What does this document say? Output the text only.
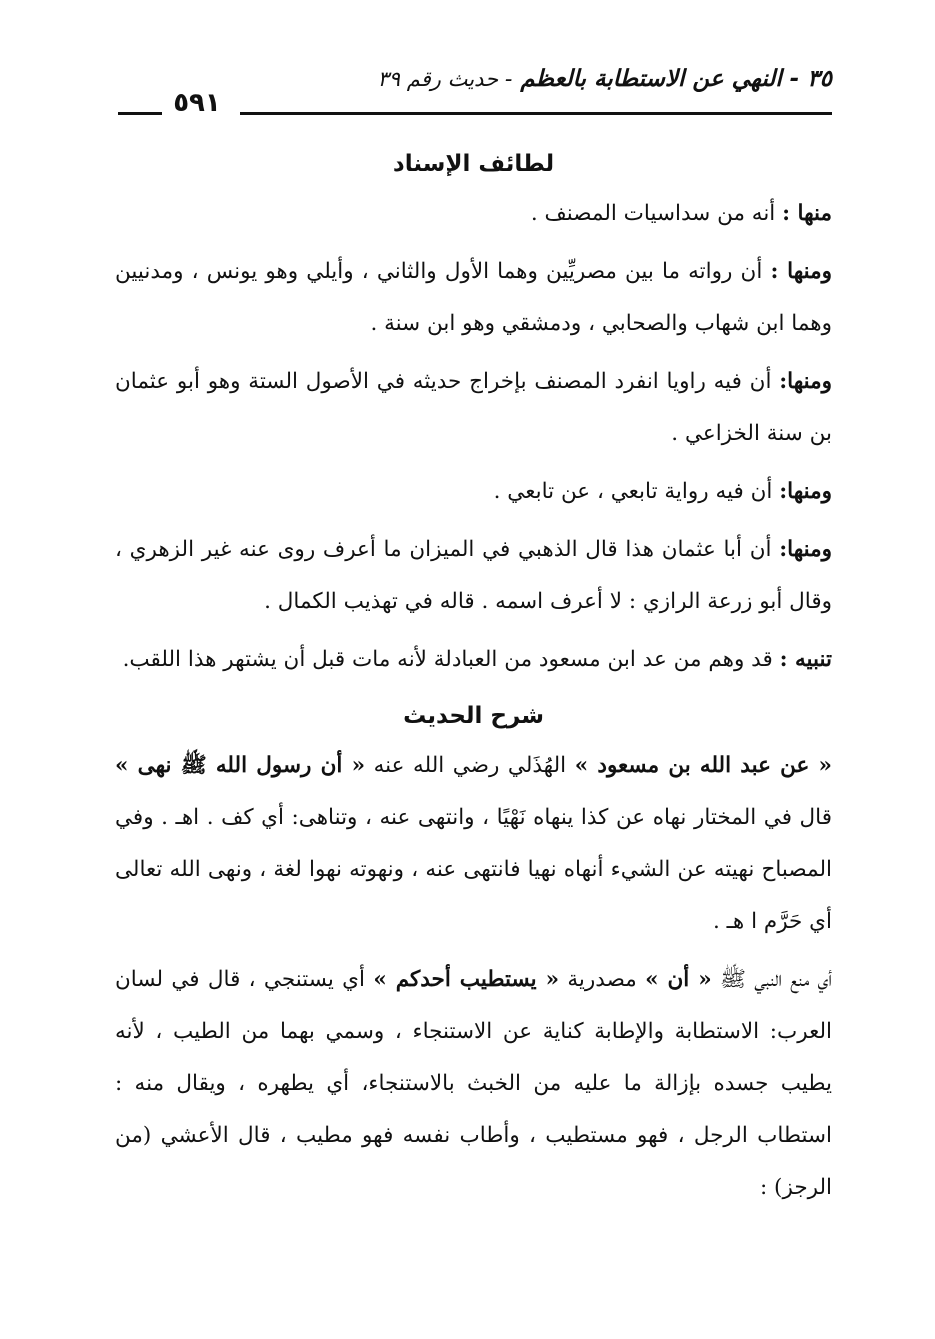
٣٥ - النهي عن الاستطابة بالعظم - حديث رقم ٣٩
٥٩١
لطائف الإسناد

منها : أنه من سداسيات المصنف .

ومنها : أن رواته ما بين مصريِّين وهما الأول والثاني ، وأيلي وهو يونس ، ومدنيين وهما ابن شهاب والصحابي ، ودمشقي وهو ابن سنة .

ومنها: أن فيه راويا انفرد المصنف بإخراج حديثه في الأصول الستة وهو أبو عثمان بن سنة الخزاعي .

ومنها: أن فيه رواية تابعي ، عن تابعي .

ومنها: أن أبا عثمان هذا قال الذهبي في الميزان ما أعرف روى عنه غير الزهري ، وقال أبو زرعة الرازي : لا أعرف اسمه . قاله في تهذيب الكمال .

تنبيه : قد وهم من عد ابن مسعود من العبادلة لأنه مات قبل أن يشتهر هذا اللقب.

شرح الحديث

« عن عبد الله بن مسعود » الهُذَلي رضي الله عنه « أن رسول الله ﷺ نهى » قال في المختار نهاه عن كذا ينهاه نَهْيًا ، وانتهى عنه ، وتناهى: أي كف . اهـ . وفي المصباح نهيته عن الشيء أنهاه نهيا فانتهى عنه ، ونهوته نهوا لغة ، ونهى الله تعالى أي حَرَّم ا هـ .

أي منع النبي ﷺ « أن » مصدرية « يستطيب أحدكم » أي يستنجي ، قال في لسان العرب: الاستطابة والإطابة كناية عن الاستنجاء ، وسمي بهما من الطيب ، لأنه يطيب جسده بإزالة ما عليه من الخبث بالاستنجاء، أي يطهره ، ويقال منه : استطاب الرجل ، فهو مستطيب ، وأطاب نفسه فهو مطيب ، قال الأعشي (من الرجز) :
